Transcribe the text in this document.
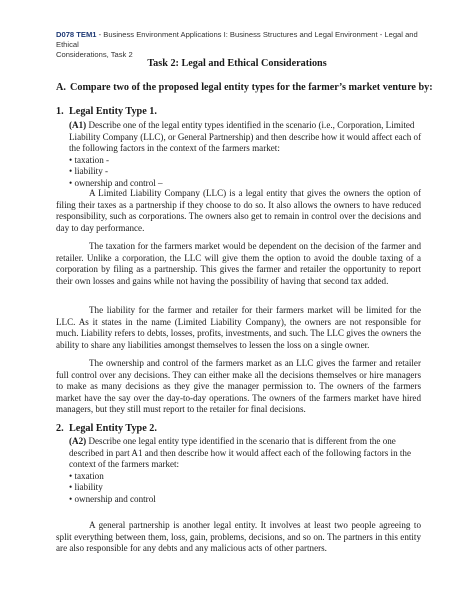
D078 TEM1 - Business Environment Applications I: Business Structures and Legal Environment - Legal and Ethical
Considerations, Task 2
Task 2: Legal and Ethical Considerations
A. Compare two of the proposed legal entity types for the farmer’s market venture by:
1. Legal Entity Type 1.
(A1) Describe one of the legal entity types identified in the scenario (i.e., Corporation, Limited Liability Company (LLC), or General Partnership) and then describe how it would affect each of the following factors in the context of the farmers market:
• taxation -
• liability -
• ownership and control –

A Limited Liability Company (LLC) is a legal entity that gives the owners the option of filing their taxes as a partnership if they choose to do so. It also allows the owners to have reduced responsibility, such as corporations. The owners also get to remain in control over the decisions and day to day performance.

The taxation for the farmers market would be dependent on the decision of the farmer and retailer. Unlike a corporation, the LLC will give them the option to avoid the double taxing of a corporation by filing as a partnership. This gives the farmer and retailer the opportunity to report their own losses and gains while not having the possibility of having that second tax added.

The liability for the farmer and retailer for their farmers market will be limited for the LLC. As it states in the name (Limited Liability Company), the owners are not responsible for much. Liability refers to debts, losses, profits, investments, and such. The LLC gives the owners the ability to share any liabilities amongst themselves to lessen the loss on a single owner.

The ownership and control of the farmers market as an LLC gives the farmer and retailer full control over any decisions. They can either make all the decisions themselves or hire managers to make as many decisions as they give the manager permission to. The owners of the farmers market have the say over the day-to-day operations. The owners of the farmers market have hired managers, but they still must report to the retailer for final decisions.

2. Legal Entity Type 2.
(A2) Describe one legal entity type identified in the scenario that is different from the one described in part A1 and then describe how it would affect each of the following factors in the context of the farmers market:
• taxation
• liability
• ownership and control

A general partnership is another legal entity. It involves at least two people agreeing to split everything between them, loss, gain, problems, decisions, and so on. The partners in this entity are also responsible for any debts and any malicious acts of other partners.
